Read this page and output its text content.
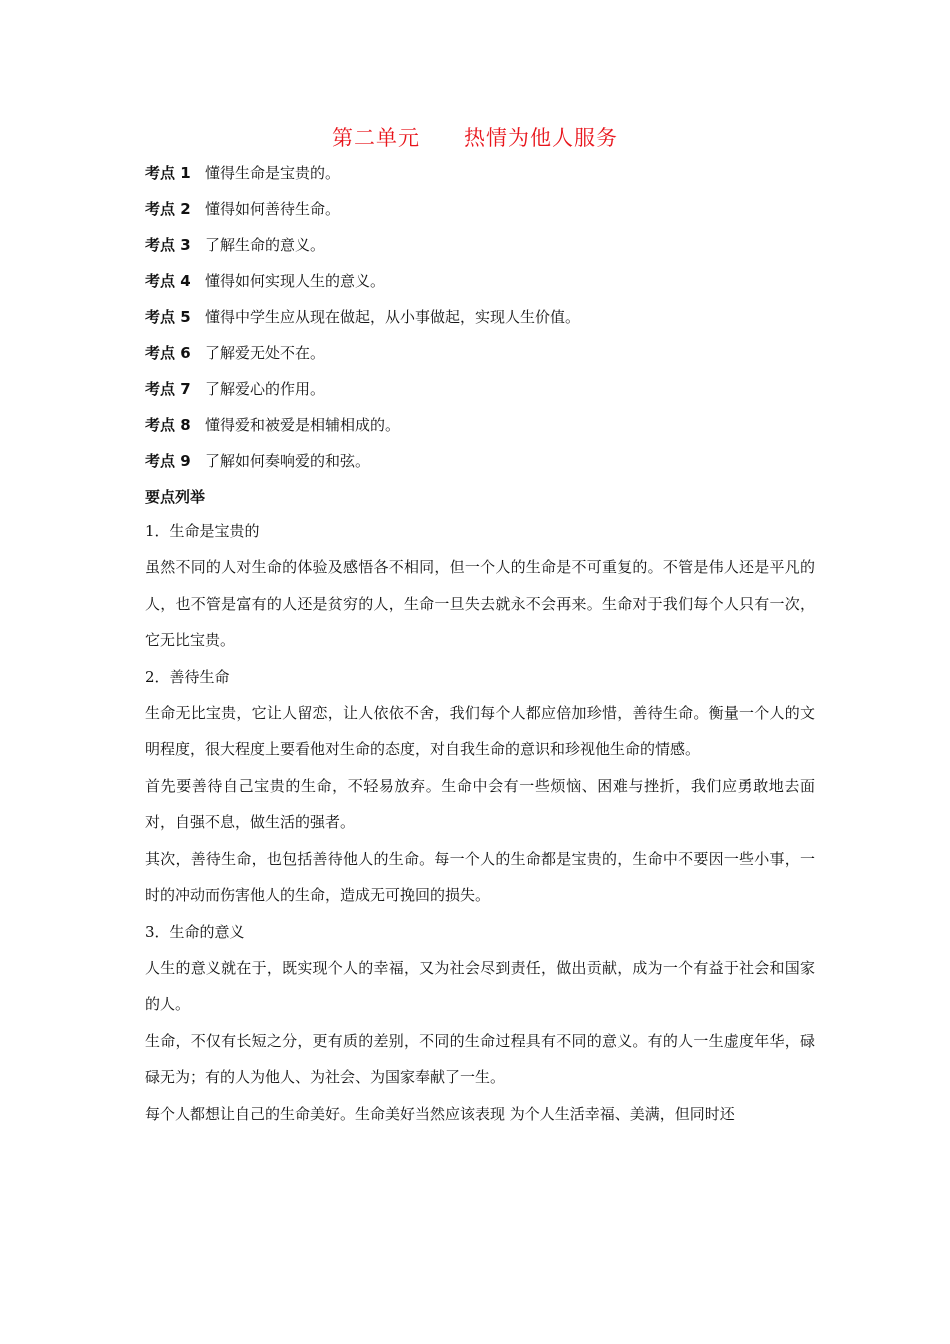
第二单元　　热情为他人服务
考点 1 懂得生命是宝贵的。
考点 2 懂得如何善待生命。
考点 3 了解生命的意义。
考点 4 懂得如何实现人生的意义。
考点 5 懂得中学生应从现在做起，从小事做起，实现人生价值。
考点 6 了解爱无处不在。
考点 7 了解爱心的作用。
考点 8 懂得爱和被爱是相辅相成的。
考点 9 了解如何奏响爱的和弦。
要点列举
1．生命是宝贵的
虽然不同的人对生命的体验及感悟各不相同，但一个人的生命是不可重复的。不管是伟人还是平凡的人，也不管是富有的人还是贫穷的人，生命一旦失去就永不会再来。生命对于我们每个人只有一次，它无比宝贵。
2．善待生命
生命无比宝贵，它让人留恋，让人依依不舍，我们每个人都应倍加珍惜，善待生命。衡量一个人的文明程度，很大程度上要看他对生命的态度，对自我生命的意识和珍视他生命的情感。
首先要善待自己宝贵的生命，不轻易放弃。生命中会有一些烦恼、困难与挫折，我们应勇敢地去面对，自强不息，做生活的强者。
其次，善待生命，也包括善待他人的生命。每一个人的生命都是宝贵的，生命中不要因一些小事，一时的冲动而伤害他人的生命，造成无可挽回的损失。
3．生命的意义
人生的意义就在于，既实现个人的幸福，又为社会尽到责任，做出贡献，成为一个有益于社会和国家的人。
生命，不仅有长短之分，更有质的差别，不同的生命过程具有不同的意义。有的人一生虚度年华，碌碌无为；有的人为他人、为社会、为国家奉献了一生。
每个人都想让自己的生命美好。生命美好当然应该表现 为个人生活幸福、美满，但同时还
